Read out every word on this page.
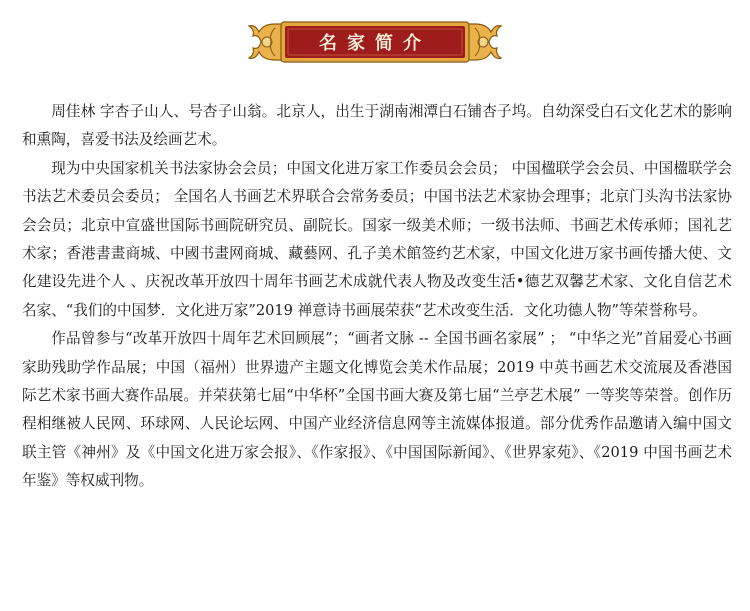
名家简介

周佳林 字杏子山人、号杏子山翁。北京人，出生于湖南湘潭白石铺杏子坞。自幼深受白石文化艺术的影响和熏陶，喜爱书法及绘画艺术。

现为中央国家机关书法家协会会员；中国文化进万家工作委员会会员； 中国楹联学会会员、中国楹联学会书法艺术委员会委员； 全国名人书画艺术界联合会常务委员；中国书法艺术家协会理事；北京门头沟书法家协会会员；北京中宣盛世国际书画院研究员、副院长。国家一级美术师；一级书法师、书画艺术传承师；国礼艺术家；香港書畫商城、中國书畫网商城、藏藝网、孔子美术館签约艺术家，中国文化进万家书画传播大使、文化建设先进个人 、庆祝改革开放四十周年书画艺术成就代表人物及改变生活•德艺双馨艺术家、文化自信艺术名家、“我们的中国梦．文化进万家”2019 禅意诗书画展荣获“艺术改变生活．文化功德人物”等荣誉称号。

作品曾参与“改革开放四十周年艺术回顾展”；“画者文脉 -- 全国书画名家展” ； “中华之光”首届爱心书画家助残助学作品展；中国（福州）世界遗产主题文化博览会美术作品展；2019 中英书画艺术交流展及香港国际艺术家书画大赛作品展。并荣获第七届“中华杯”全国书画大赛及第七届“兰亭艺术展” 一等奖等荣誉。创作历程相继被人民网、环球网、人民论坛网、中国产业经济信息网等主流媒体报道。部分优秀作品邀请入编中国文联主管《神州》及《中国文化进万家会报》、《作家报》、《中国国际新闻》、《世界家苑》、《2019 中国书画艺术年鉴》等权威刊物。
